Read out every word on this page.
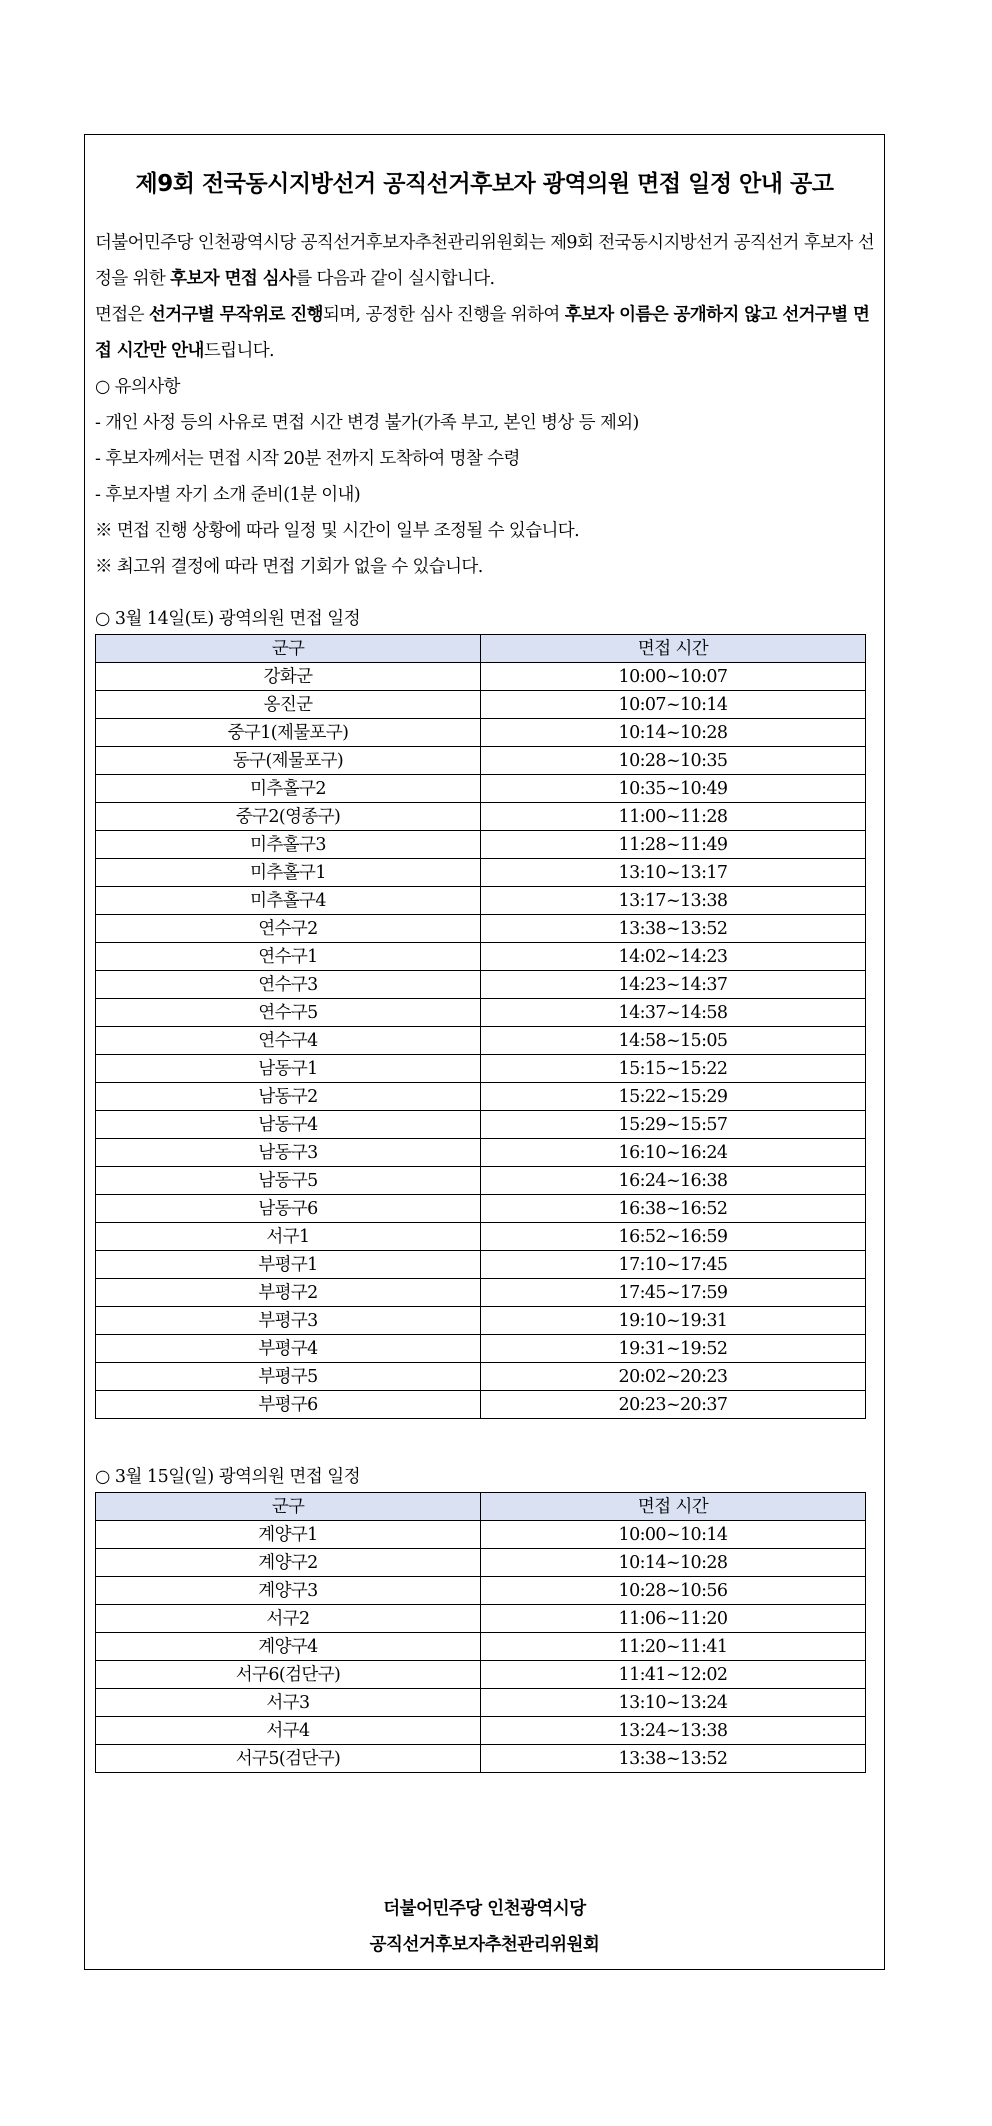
제9회 전국동시지방선거 공직선거후보자 광역의원 면접 일정 안내 공고

더불어민주당 인천광역시당 공직선거후보자추천관리위원회는 제9회 전국동시지방선거 공직선거 후보자 선정을 위한 후보자 면접 심사를 다음과 같이 실시합니다.

면접은 선거구별 무작위로 진행되며, 공정한 심사 진행을 위하여 후보자 이름은 공개하지 않고 선거구별 면접 시간만 안내드립니다.

○ 유의사항

- 개인 사정 등의 사유로 면접 시간 변경 불가(가족 부고, 본인 병상 등 제외)

- 후보자께서는 면접 시작 20분 전까지 도착하여 명찰 수령

- 후보자별 자기 소개 준비(1분 이내)

※ 면접 진행 상황에 따라 일정 및 시간이 일부 조정될 수 있습니다.

※ 최고위 결정에 따라 면접 기회가 없을 수 있습니다.

○ 3월 14일(토) 광역의원 면접 일정
군구	면접 시간
강화군	10:00~10:07
옹진군	10:07~10:14
중구1(제물포구)	10:14~10:28
동구(제물포구)	10:28~10:35
미추홀구2	10:35~10:49
중구2(영종구)	11:00~11:28
미추홀구3	11:28~11:49
미추홀구1	13:10~13:17
미추홀구4	13:17~13:38
연수구2	13:38~13:52
연수구1	14:02~14:23
연수구3	14:23~14:37
연수구5	14:37~14:58
연수구4	14:58~15:05
남동구1	15:15~15:22
남동구2	15:22~15:29
남동구4	15:29~15:57
남동구3	16:10~16:24
남동구5	16:24~16:38
남동구6	16:38~16:52
서구1	16:52~16:59
부평구1	17:10~17:45
부평구2	17:45~17:59
부평구3	19:10~19:31
부평구4	19:31~19:52
부평구5	20:02~20:23
부평구6	20:23~20:37
○ 3월 15일(일) 광역의원 면접 일정
군구	면접 시간
계양구1	10:00~10:14
계양구2	10:14~10:28
계양구3	10:28~10:56
서구2	11:06~11:20
계양구4	11:20~11:41
서구6(검단구)	11:41~12:02
서구3	13:10~13:24
서구4	13:24~13:38
서구5(검단구)	13:38~13:52
더불어민주당 인천광역시당
공직선거후보자추천관리위원회
